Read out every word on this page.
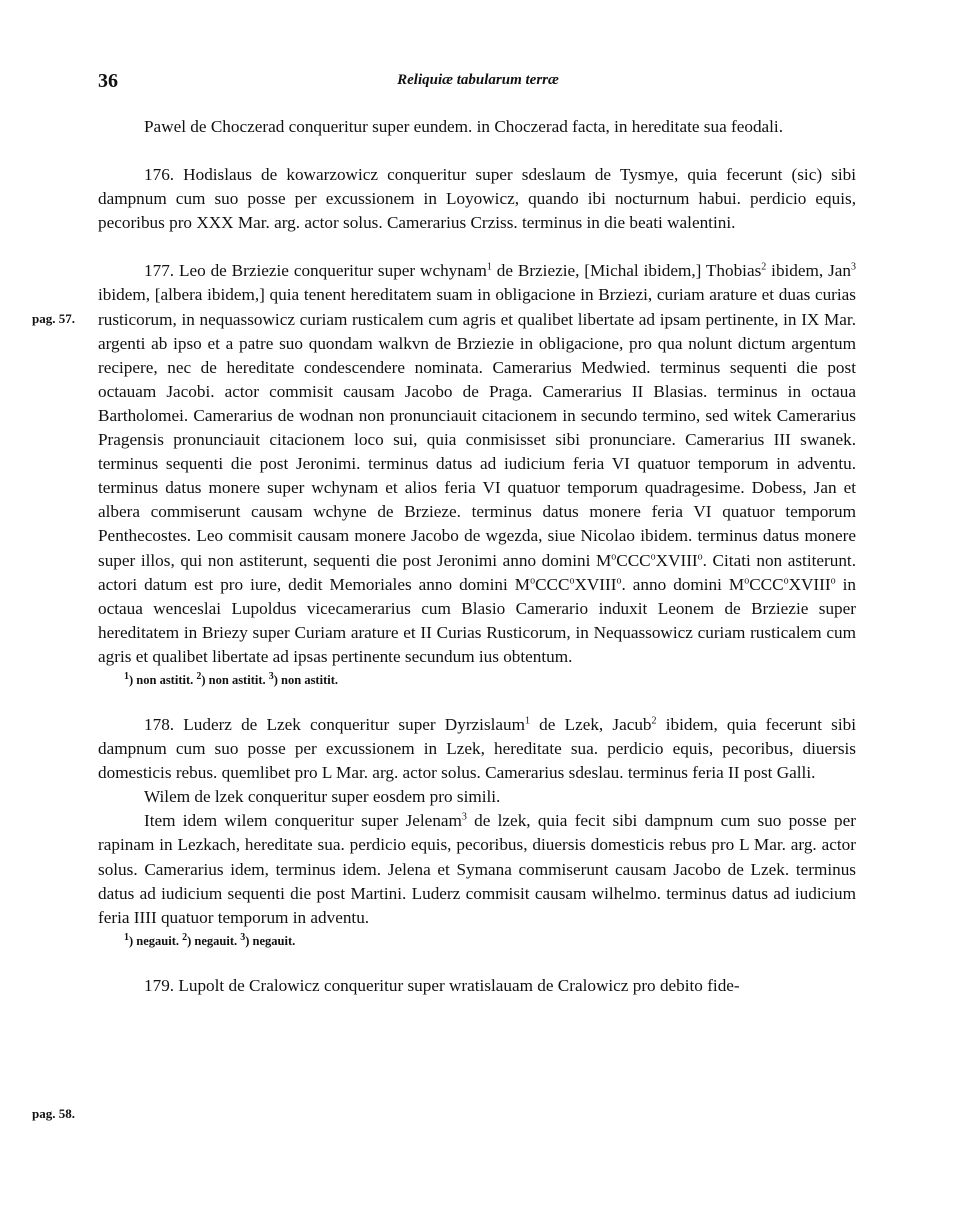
36	Reliquiæ tabularum terræ
pag. 57.
pag. 58.

Pawel de Choczerad conqueritur super eundem. in Choczerad facta, in hereditate sua feodali.

176. Hodislaus de kowarzowicz conqueritur super sdeslaum de Tysmye, quia fecerunt (sic) sibi dampnum cum suo posse per excussionem in Loyowicz, quando ibi nocturnum habui. perdicio equis, pecoribus pro XXX Mar. arg. actor solus. Camerarius Crziss. terminus in die beati walentini.

177. Leo de Brziezie conqueritur super wchynam$^1$ de Brziezie, [Michal ibidem,] Thobias$^2$ ibidem, Jan$^3$ ibidem, [albera ibidem,] quia tenent hereditatem suam in obligacione in Brziezi, curiam arature et duas curias rusticorum, in nequassowicz curiam rusticalem cum agris et qualibet libertate ad ipsam pertinente, in IX Mar. argenti ab ipso et a patre suo quondam walkvn de Brziezie in obligacione, pro qua nolunt dictum argentum recipere, nec de hereditate condescendere nominata. Camerarius Medwied. terminus sequenti die post octauam Jacobi. actor commisit causam Jacobo de Praga. Camerarius II Blasias. terminus in octaua Bartholomei. Camerarius de wodnan non pronunciauit citacionem in secundo termino, sed witek Camerarius Pragensis pronunciauit citacionem loco sui, quia conmisisset sibi pronunciare. Camerarius III swanek. terminus sequenti die post Jeronimi. terminus datus ad iudicium feria VI quatuor temporum in adventu. terminus datus monere super wchynam et alios feria VI quatuor temporum quadragesime. Dobess, Jan et albera commiserunt causam wchyne de Brzieze. terminus datus monere feria VI quatuor temporum Penthecostes. Leo commisit causam monere Jacobo de wgezda, siue Nicolao ibidem. terminus datus monere super illos, qui non astiterunt, sequenti die post Jeronimi anno domini $M^oCCC^oXVIII^o$. Citati non astiterunt. actori datum est pro iure, dedit Memoriales anno domini $M^oCCC^oXVIII^o$. anno domini $M^oCCC^oXVIII^o$ in octaua wenceslai Lupoldus vicecamerarius cum Blasio Camerario induxit Leonem de Brziezie super hereditatem in Briezy super Curiam arature et II Curias Rusticorum, in Nequassowicz curiam rusticalem cum agris et qualibet libertate ad ipsas pertinente secundum ius obtentum.

$^1$) non astitit. $^2$) non astitit. $^3$) non astitit.

178. Luderz de Lzek conqueritur super Dyrzislaum$^1$ de Lzek, Jacub$^2$ ibidem, quia fecerunt sibi dampnum cum suo posse per excussionem in Lzek, hereditate sua. perdicio equis, pecoribus, diuersis domesticis rebus. quemlibet pro L Mar. arg. actor solus. Camerarius sdeslau. terminus feria II post Galli.

Wilem de lzek conqueritur super eosdem pro simili.

Item idem wilem conqueritur super Jelenam$^3$ de lzek, quia fecit sibi dampnum cum suo posse per rapinam in Lezkach, hereditate sua. perdicio equis, pecoribus, diuersis domesticis rebus pro L Mar. arg. actor solus. Camerarius idem, terminus idem. Jelena et Symana commiserunt causam Jacobo de Lzek. terminus datus ad iudicium sequenti die post Martini. Luderz commisit causam wilhelmo. terminus datus ad iudicium feria IIII quatuor temporum in adventu.

$^1$) negauit. $^2$) negauit. $^3$) negauit.

179. Lupolt de Cralowicz conqueritur super wratislauam de Cralowicz pro debito fide-
